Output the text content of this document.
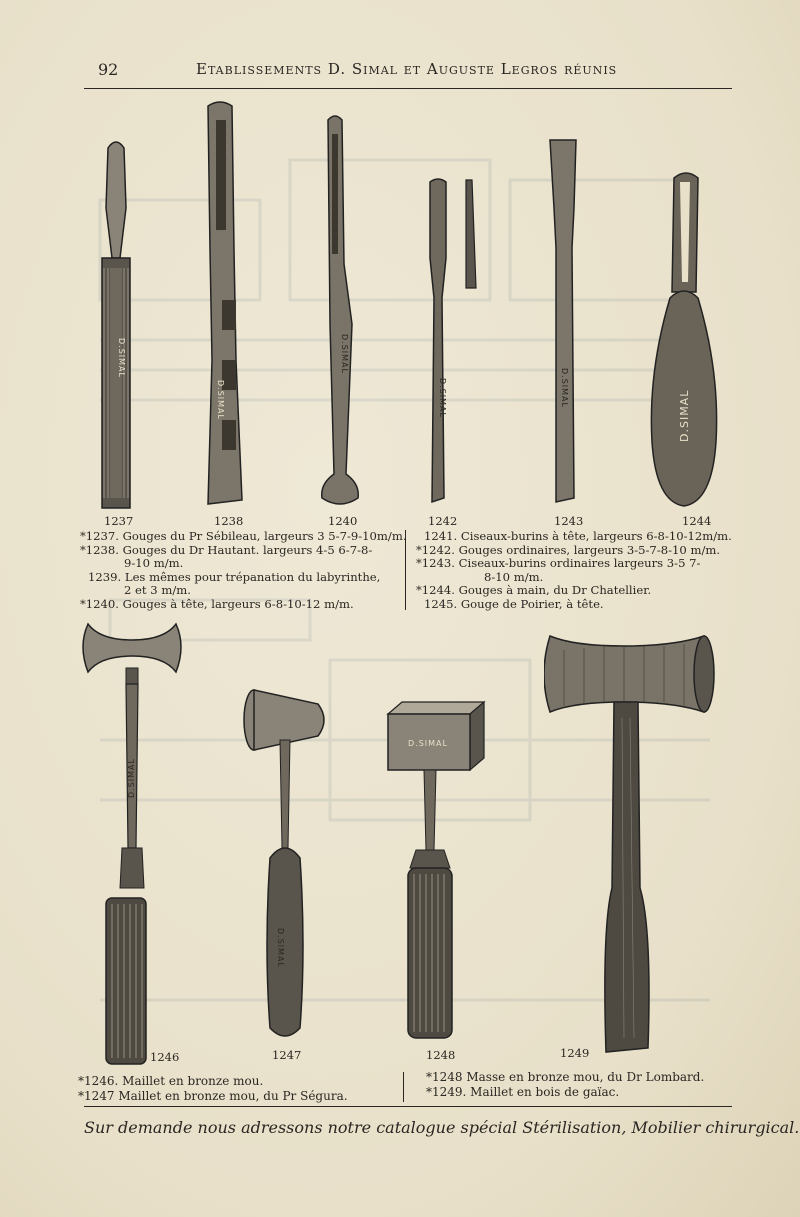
92	Etablissements D. Simal et Auguste Legros réunis
D.SIMAL
1237
D.SIMAL
1238
D.SIMAL
1240
D.SIMAL
1242
D.SIMAL
1243
D.SIMAL
1244
*1237. Gouges du Pr Sébileau, largeurs 3 5-7-9-10m/m.
*1238. Gouges du Dr Hautant. largeurs 4-5 6-7-8-
9-10 m/m.
1239. Les mêmes pour trépanation du labyrinthe,
2 et 3 m/m.
*1240. Gouges à tête, largeurs 6-8-10-12 m/m.
1241. Ciseaux-burins à tête, largeurs 6-8-10-12m/m.
*1242. Gouges ordinaires, largeurs 3-5-7-8-10 m/m.
*1243. Ciseaux-burins ordinaires largeurs 3-5 7-
8-10 m/m.
*1244. Gouges à main, du Dr Chatellier.
1245. Gouge de Poirier, à tête.
D.SIMAL
1246
D.SIMAL
1247
D.SIMAL
1248	1249
*1246. Maillet en bronze mou.
*1247 Maillet en bronze mou, du Pr Ségura.
*1248 Masse en bronze mou, du Dr Lombard.
*1249. Maillet en bois de gaïac.
Sur demande nous adressons notre catalogue spécial Stérilisation, Mobilier chirurgical.
